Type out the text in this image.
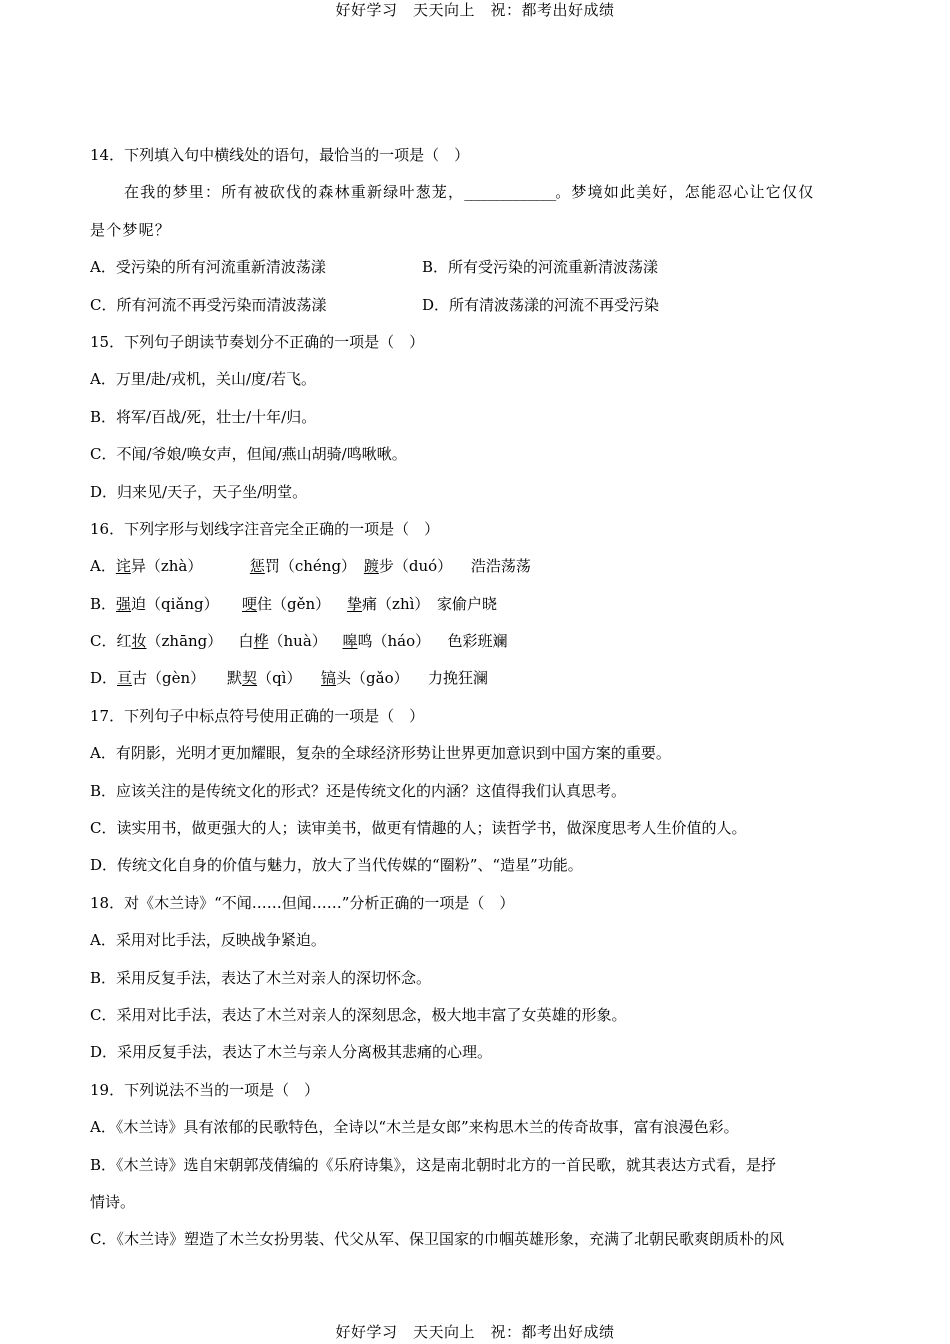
好好学习　天天向上　祝：都考出好成绩
14．下列填入句中横线处的语句，最恰当的一项是（　）
在我的梦里：所有被砍伐的森林重新绿叶葱茏，______________。梦境如此美好，怎能忍心让它仅仅
是个梦呢？
A．受污染的所有河流重新清波荡漾	B．所有受污染的河流重新清波荡漾
C．所有河流不再受污染而清波荡漾	D．所有清波荡漾的河流不再受污染
15．下列句子朗读节奏划分不正确的一项是（　）
A．万里/赴/戎机，关山/度/若飞。
B．将军/百战/死，壮士/十年/归。
C．不闻/爷娘/唤女声，但闻/燕山胡骑/鸣啾啾。
D．归来见/天子，天子坐/明堂。
16．下列字形与划线字注音完全正确的一项是（　）
A． 诧异（zhà）	惩罚（chéng） 踱步（duó）	浩浩荡荡
B． 强迫（qiǎng）	哽住（gěn）	挚痛（zhì） 家偷户晓
C． 红妆（zhāng）	白桦（huà）	嗥鸣（háo）	色彩班斓
D． 亘古（gèn）	默契（qì）	镐头（gǎo）	力挽狂澜
17．下列句子中标点符号使用正确的一项是（　）
A．有阴影，光明才更加耀眼，复杂的全球经济形势让世界更加意识到中国方案的重要。
B．应该关注的是传统文化的形式？还是传统文化的内涵？这值得我们认真思考。
C．读实用书，做更强大的人；读审美书，做更有情趣的人；读哲学书，做深度思考人生价值的人。
D．传统文化自身的价值与魅力，放大了当代传媒的“圈粉”、“造星”功能。
18．对《木兰诗》“不闻……但闻……”分析正确的一项是（　）
A．采用对比手法，反映战争紧迫。
B．采用反复手法，表达了木兰对亲人的深切怀念。
C．采用对比手法，表达了木兰对亲人的深刻思念，极大地丰富了女英雄的形象。
D．采用反复手法，表达了木兰与亲人分离极其悲痛的心理。
19．下列说法不当的一项是（　）
A．《木兰诗》具有浓郁的民歌特色，全诗以“木兰是女郎”来构思木兰的传奇故事，富有浪漫色彩。
B．《木兰诗》选自宋朝郭茂倩编的《乐府诗集》，这是南北朝时北方的一首民歌，就其表达方式看，是抒
情诗。
C．《木兰诗》塑造了木兰女扮男装、代父从军、保卫国家的巾帼英雄形象，充满了北朝民歌爽朗质朴的风
好好学习　天天向上　祝：都考出好成绩
